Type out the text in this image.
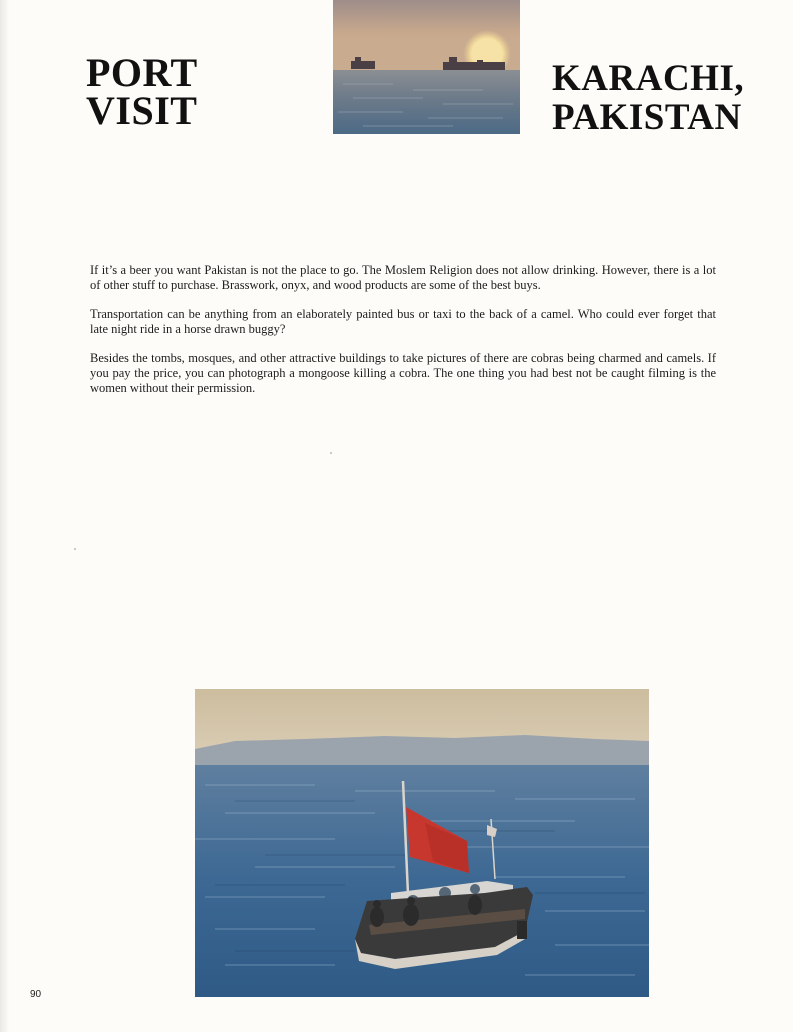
PORT
VISIT
KARACHI,
PAKISTAN

If it’s a beer you want Pakistan is not the place to go. The Moslem Religion does not allow drinking. However, there is a lot of other stuff to purchase. Brasswork, onyx, and wood products are some of the best buys.

Transportation can be anything from an elaborately painted bus or taxi to the back of a camel. Who could ever forget that late night ride in a horse drawn buggy?

Besides the tombs, mosques, and other attractive buildings to take pictures of there are cobras being charmed and camels. If you pay the price, you can photograph a mongoose killing a cobra. The one thing you had best not be caught filming is the women without their permission.

90
